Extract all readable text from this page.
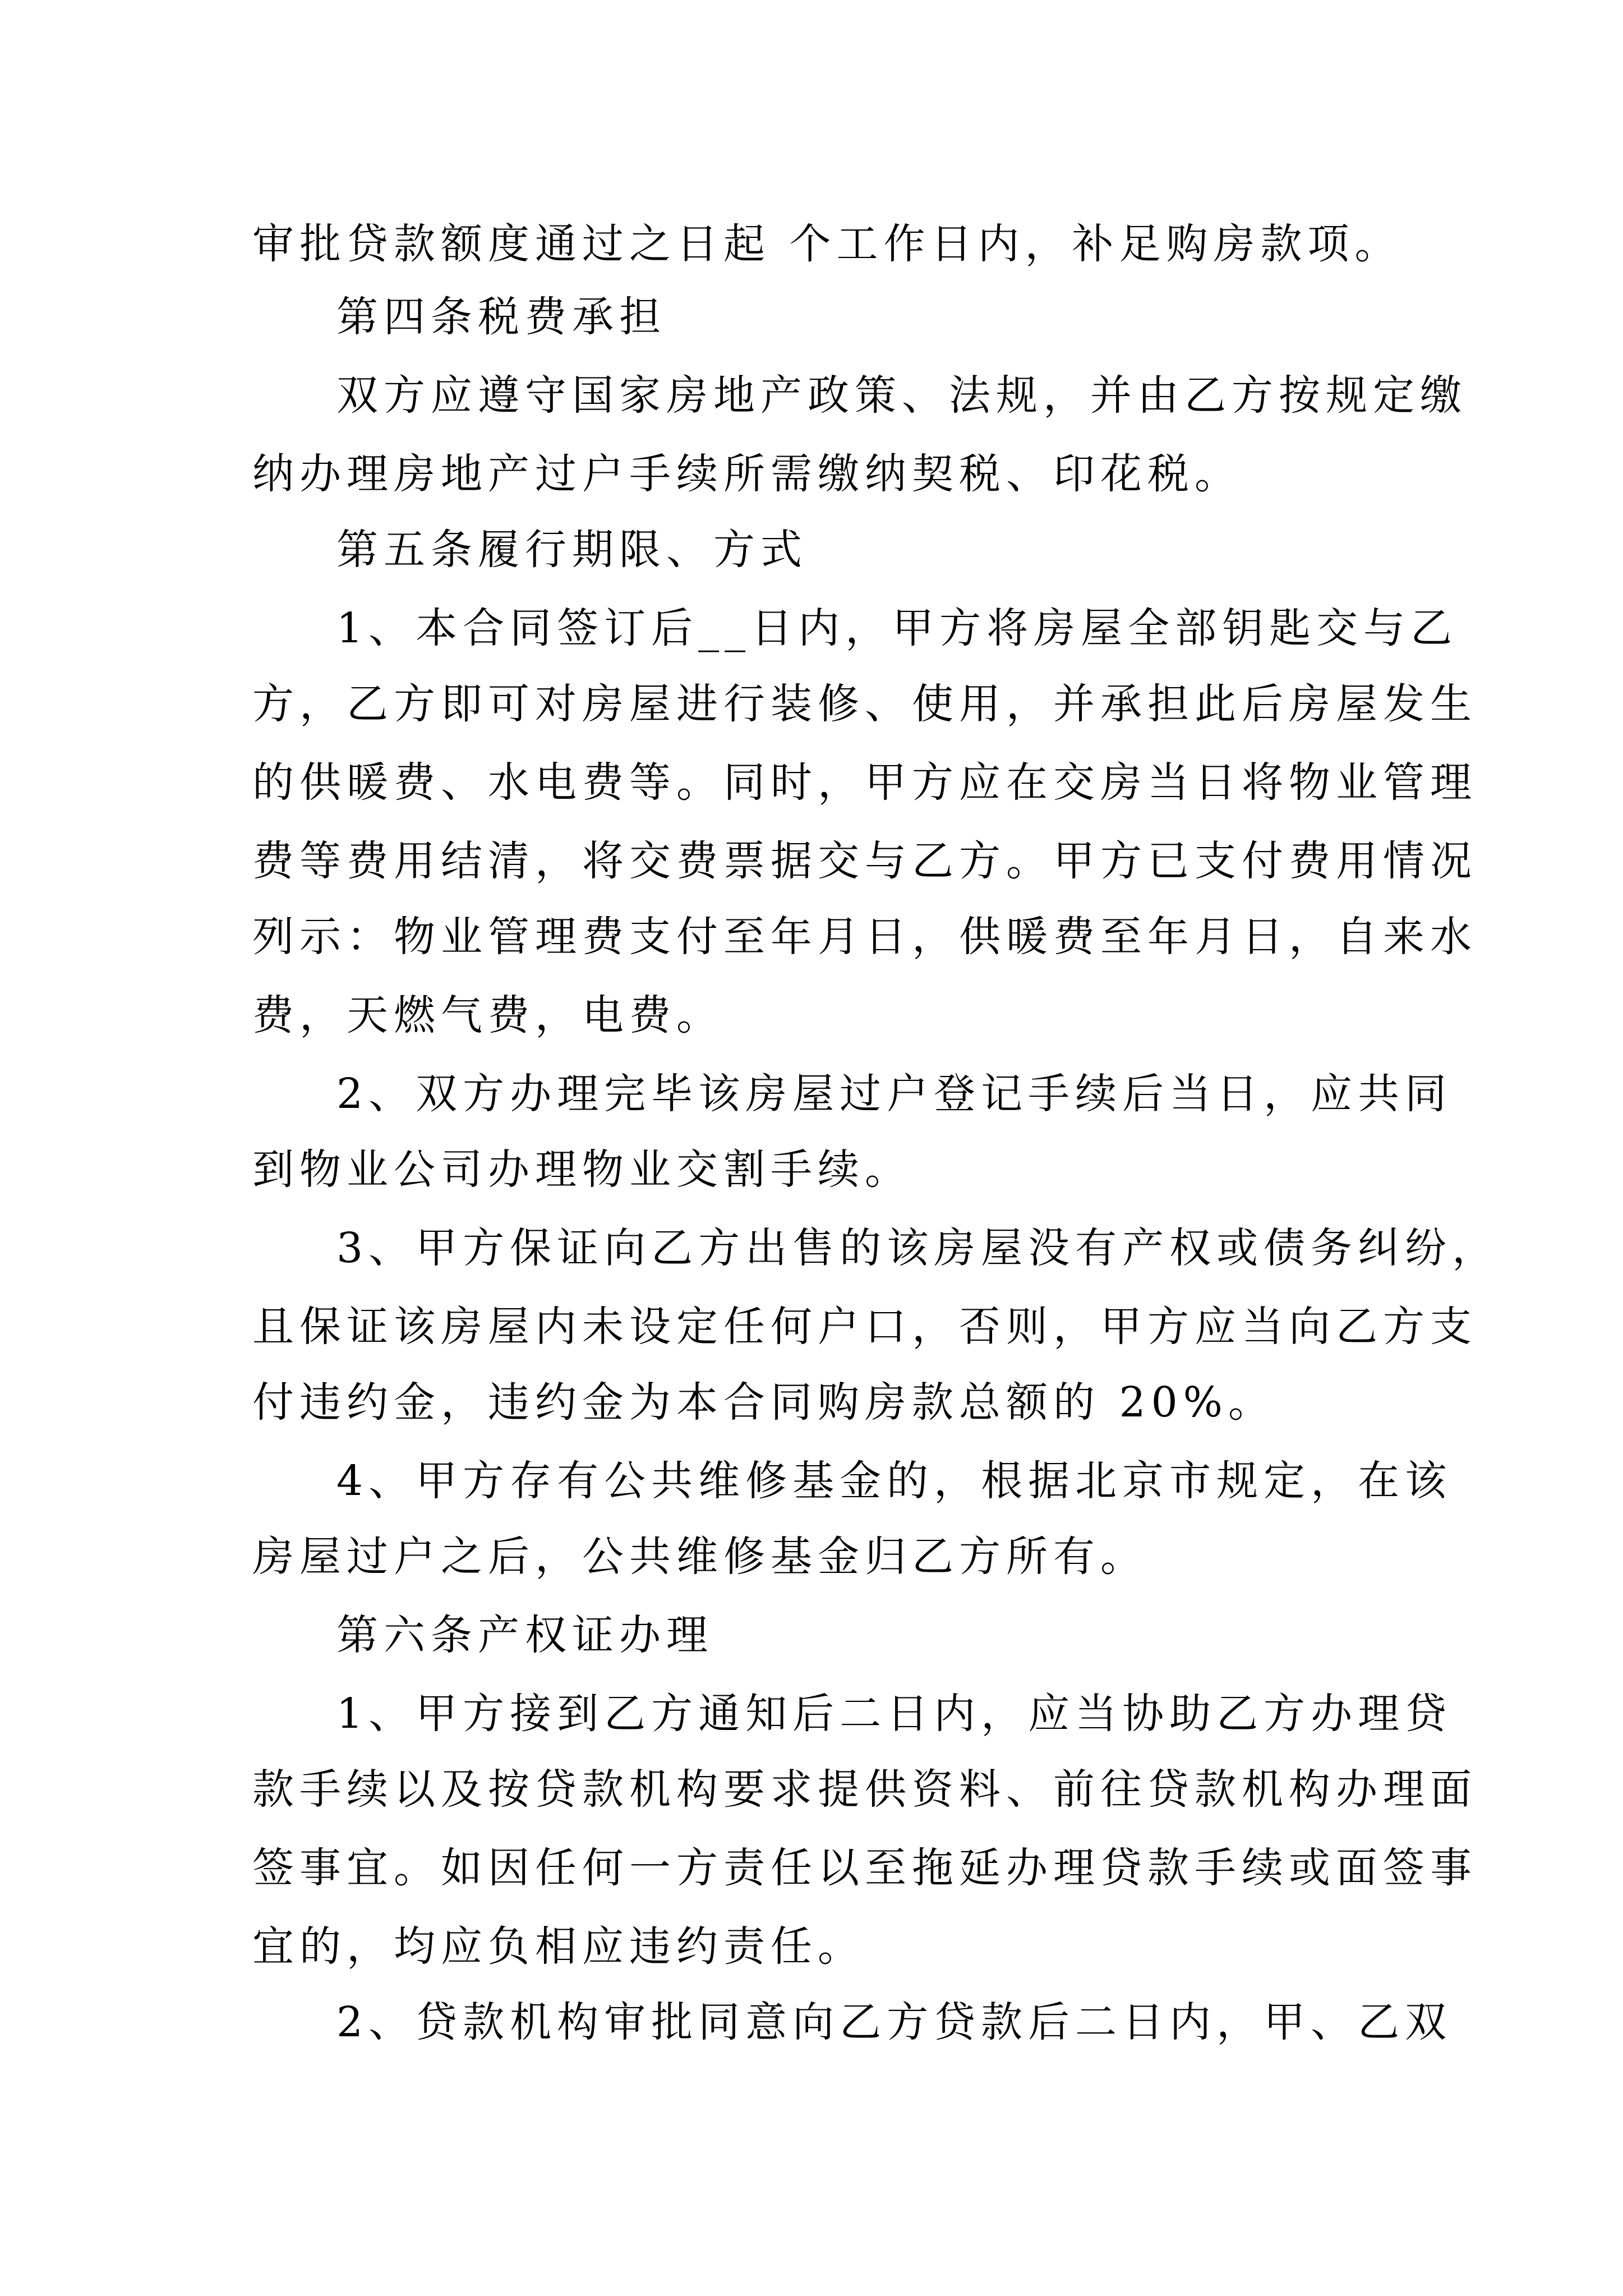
审批贷款额度通过之日起 个工作日内，补足购房款项。
第四条税费承担
双方应遵守国家房地产政策、法规，并由乙方按规定缴
纳办理房地产过户手续所需缴纳契税、印花税。
第五条履行期限、方式
1、本合同签订后__日内，甲方将房屋全部钥匙交与乙
方，乙方即可对房屋进行装修、使用，并承担此后房屋发生
的供暖费、水电费等。同时，甲方应在交房当日将物业管理
费等费用结清，将交费票据交与乙方。甲方已支付费用情况
列示：物业管理费支付至年月日，供暖费至年月日，自来水
费，天燃气费，电费。
2、双方办理完毕该房屋过户登记手续后当日，应共同
到物业公司办理物业交割手续。
3、甲方保证向乙方出售的该房屋没有产权或债务纠纷，
且保证该房屋内未设定任何户口，否则，甲方应当向乙方支
付违约金，违约金为本合同购房款总额的 20%。
4、甲方存有公共维修基金的，根据北京市规定，在该
房屋过户之后，公共维修基金归乙方所有。
第六条产权证办理
1、甲方接到乙方通知后二日内，应当协助乙方办理贷
款手续以及按贷款机构要求提供资料、前往贷款机构办理面
签事宜。如因任何一方责任以至拖延办理贷款手续或面签事
宜的，均应负相应违约责任。
2、贷款机构审批同意向乙方贷款后二日内，甲、乙双
